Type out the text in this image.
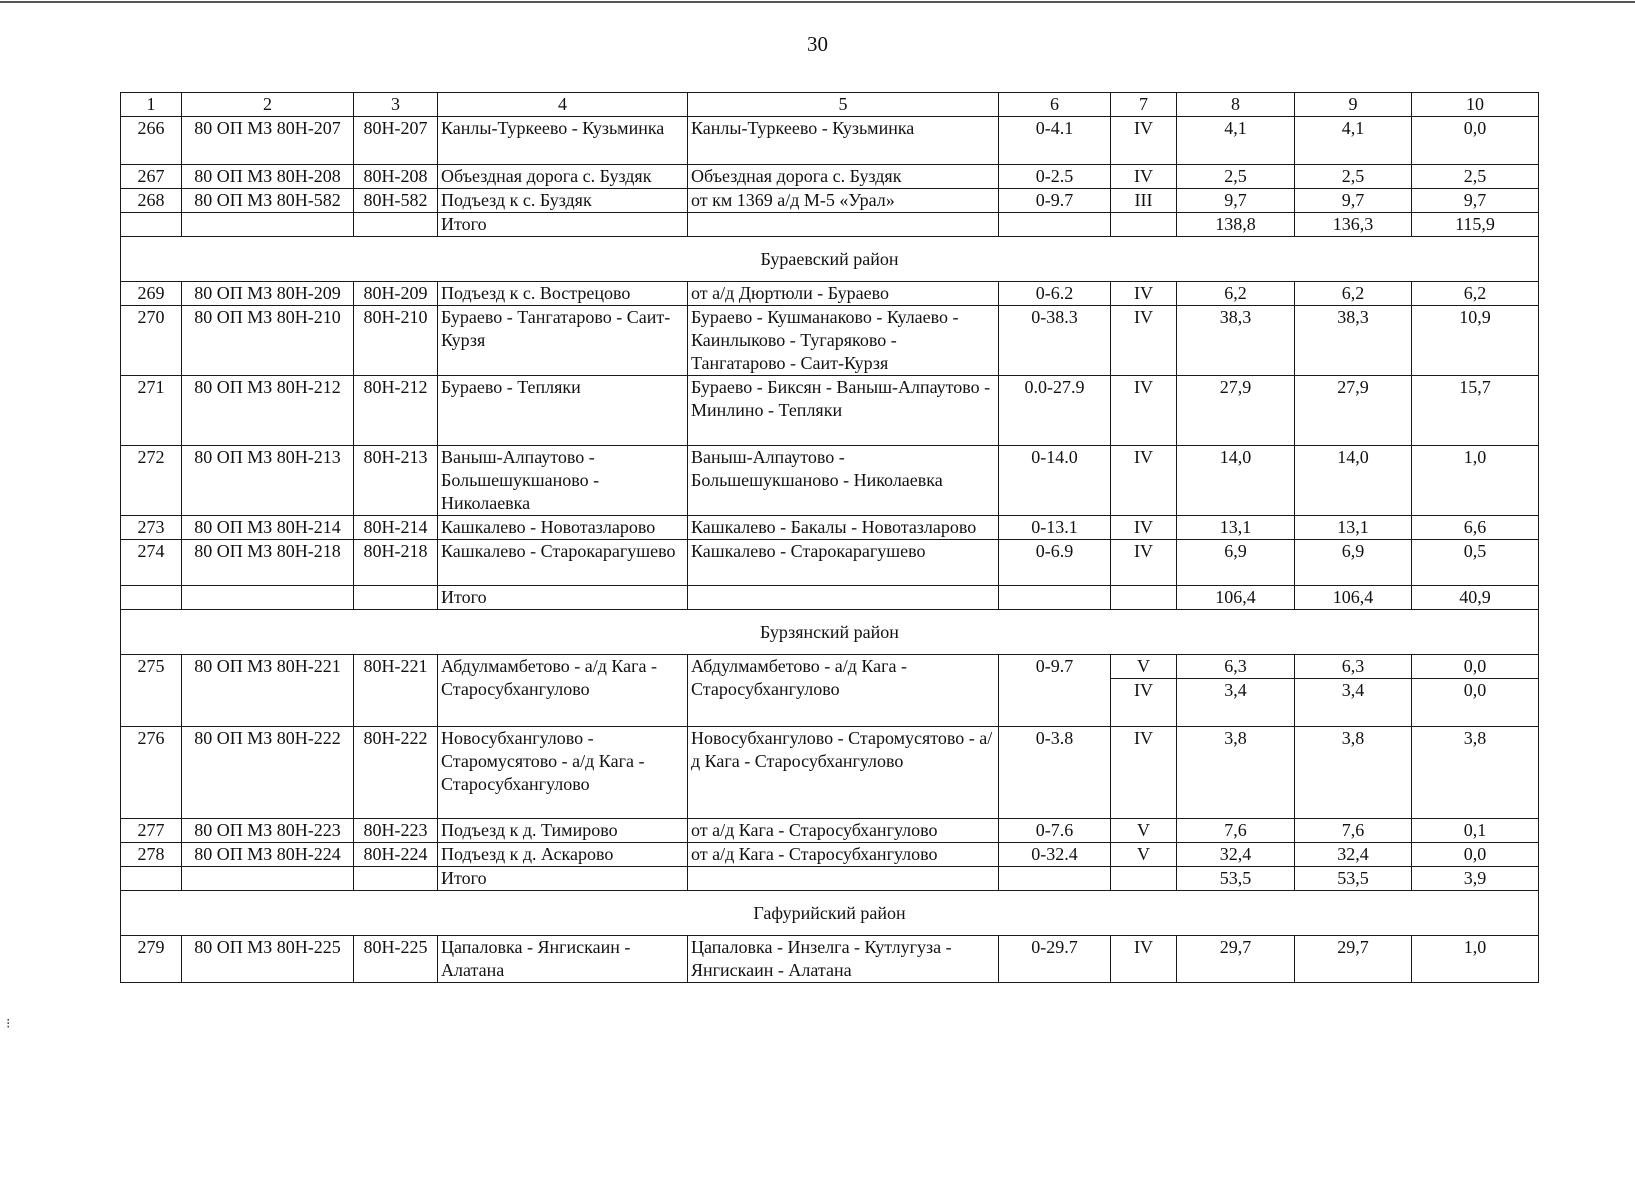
30
1	2	3	4	5	6	7	8	9	10
266	80 ОП МЗ 80Н-207	80Н-207	Канлы-Туркеево - Кузьминка	Канлы-Туркеево - Кузьминка	0-4.1	IV	4,1	4,1	0,0
267	80 ОП МЗ 80Н-208	80Н-208	Объездная дорога с. Буздяк	Объездная дорога с. Буздяк	0-2.5	IV	2,5	2,5	2,5
268	80 ОП МЗ 80Н-582	80Н-582	Подъезд к с. Буздяк	от км 1369 а/д М-5 «Урал»	0-9.7	III	9,7	9,7	9,7
			Итого				138,8	136,3	115,9
Бураевский район									
269	80 ОП МЗ 80Н-209	80Н-209	Подъезд к с. Вострецово	от а/д Дюртюли - Бураево	0-6.2	IV	6,2	6,2	6,2
270	80 ОП МЗ 80Н-210	80Н-210	Бураево - Тангатарово - Саит-Курзя	Бураево - Кушманаково - Кулаево - Каинлыково - Тугаряково - Тангатарово - Саит-Курзя	0-38.3	IV	38,3	38,3	10,9
271	80 ОП МЗ 80Н-212	80Н-212	Бураево - Тепляки	Бураево - Биксян - Ваныш-Алпаутово - Минлино - Тепляки	0.0-27.9	IV	27,9	27,9	15,7
272	80 ОП МЗ 80Н-213	80Н-213	Ваныш-Алпаутово - Большешукшаново - Николаевка	Ваныш-Алпаутово - Большешукшаново - Николаевка	0-14.0	IV	14,0	14,0	1,0
273	80 ОП МЗ 80Н-214	80Н-214	Кашкалево - Новотазларово	Кашкалево - Бакалы - Новотазларово	0-13.1	IV	13,1	13,1	6,6
274	80 ОП МЗ 80Н-218	80Н-218	Кашкалево - Старокарагушево	Кашкалево - Старокарагушево	0-6.9	IV	6,9	6,9	0,5
			Итого				106,4	106,4	40,9
Бурзянский район									
275	80 ОП МЗ 80Н-221	80Н-221	Абдулмамбетово - а/д Кага - Старосубхангулово	Абдулмамбетово - а/д Кага - Старосубхангулово	0-9.7	V	6,3	6,3	0,0
						IV	3,4	3,4	0,0
276	80 ОП МЗ 80Н-222	80Н-222	Новосубхангулово - Старомусятово - а/д Кага - Старосубхангулово	Новосубхангулово - Старомусятово - а/д Кага - Старосубхангулово	0-3.8	IV	3,8	3,8	3,8
277	80 ОП МЗ 80Н-223	80Н-223	Подъезд к д. Тимирово	от а/д Кага - Старосубхангулово	0-7.6	V	7,6	7,6	0,1
278	80 ОП МЗ 80Н-224	80Н-224	Подъезд к д. Аскарово	от а/д Кага - Старосубхангулово	0-32.4	V	32,4	32,4	0,0
			Итого				53,5	53,5	3,9
Гафурийский район									
279	80 ОП МЗ 80Н-225	80Н-225	Цапаловка - Янгискаин - Алатана	Цапаловка - Инзелга - Кутлугуза - Янгискаин - Алатана	0-29.7	IV	29,7	29,7	1,0
⁝
